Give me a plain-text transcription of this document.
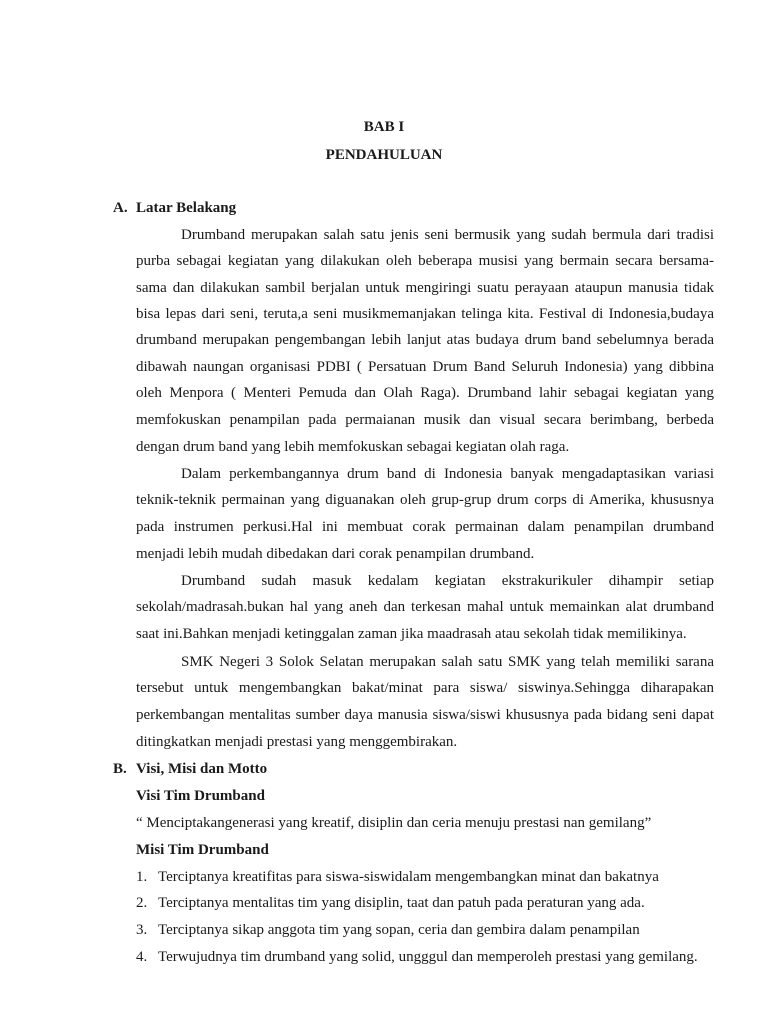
BAB I
PENDAHULUAN
A. Latar Belakang
Drumband merupakan salah satu jenis seni bermusik yang sudah bermula dari tradisi
purba sebagai kegiatan yang dilakukan oleh beberapa musisi yang bermain secara bersama-
sama dan dilakukan sambil berjalan untuk mengiringi suatu perayaan ataupun manusia tidak
bisa lepas dari seni, teruta,a seni musikmemanjakan telinga kita. Festival di Indonesia,budaya
drumband merupakan pengembangan lebih lanjut atas budaya drum band sebelumnya berada
dibawah naungan organisasi PDBI ( Persatuan Drum Band Seluruh Indonesia) yang dibbina
oleh Menpora ( Menteri Pemuda dan Olah Raga). Drumband lahir sebagai kegiatan yang
memfokuskan penampilan pada permaianan musik dan visual secara berimbang, berbeda
dengan drum band yang lebih memfokuskan sebagai kegiatan olah raga.
Dalam perkembangannya drum band di Indonesia banyak mengadaptasikan variasi
teknik-teknik permainan yang diguanakan oleh grup-grup drum corps di Amerika, khususnya
pada instrumen perkusi.Hal ini membuat corak permainan dalam penampilan drumband
menjadi lebih mudah dibedakan dari corak penampilan drumband.
Drumband sudah masuk kedalam kegiatan ekstrakurikuler dihampir setiap
sekolah/madrasah.bukan hal yang aneh dan terkesan mahal untuk memainkan alat drumband
saat ini.Bahkan menjadi ketinggalan zaman jika maadrasah atau sekolah tidak memilikinya.
SMK Negeri 3 Solok Selatan merupakan salah satu SMK yang telah memiliki sarana
tersebut untuk mengembangkan bakat/minat para siswa/ siswinya.Sehingga diharapakan
perkembangan mentalitas sumber daya manusia siswa/siswi khususnya pada bidang seni dapat
ditingkatkan menjadi prestasi yang menggembirakan.
B. Visi, Misi dan Motto
Visi Tim Drumband
“ Menciptakangenerasi yang kreatif, disiplin dan ceria menuju prestasi nan gemilang”
Misi Tim Drumband
1. Terciptanya kreatifitas para siswa-siswidalam mengembangkan minat dan bakatnya
2. Terciptanya mentalitas tim yang disiplin, taat dan patuh pada peraturan yang ada.
3. Terciptanya sikap anggota tim yang sopan, ceria dan gembira dalam penampilan
4. Terwujudnya tim drumband yang solid, ungggul dan memperoleh prestasi yang gemilang.
